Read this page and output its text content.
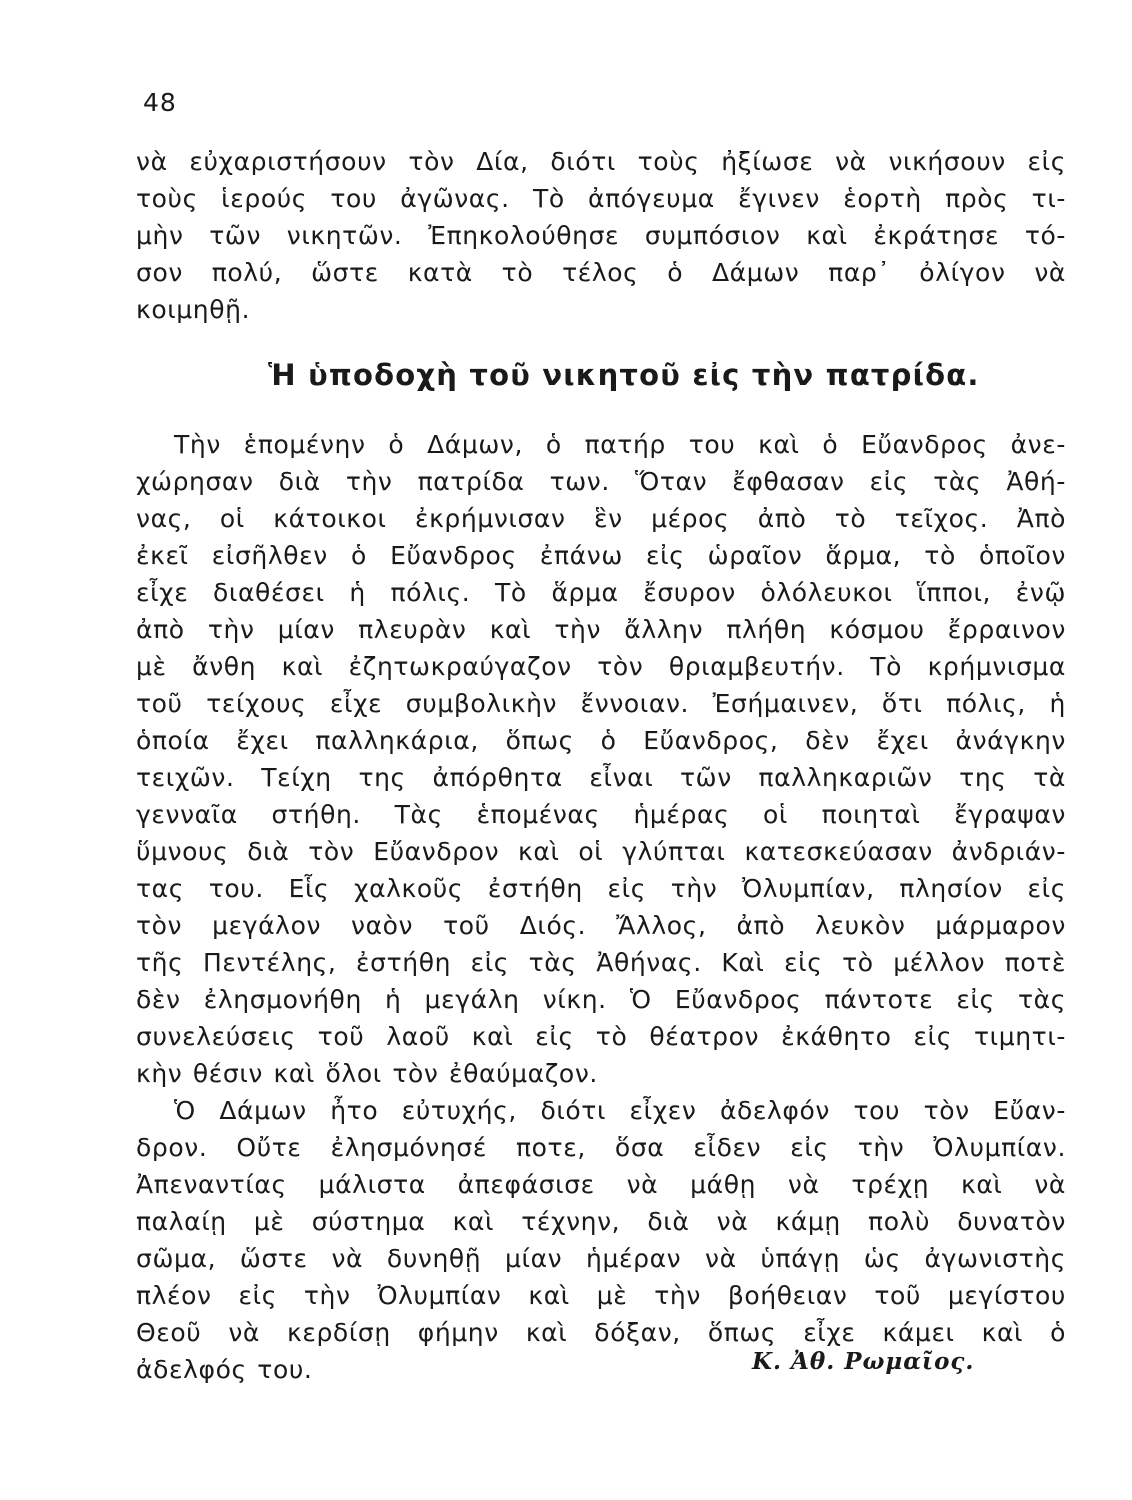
48
νὰ εὐχαριστήσουν τὸν Δία, διότι τοὺς ἠξίωσε νὰ νικήσουν εἰς
τοὺς ἱερούς του ἀγῶνας. Τὸ ἀπόγευμα ἔγινεν ἑορτὴ πρὸς τι-
μὴν τῶν νικητῶν. Ἐπηκολούθησε συμπόσιον καὶ ἐκράτησε τό-
σον πολύ, ὥστε κατὰ τὸ τέλος ὁ Δάμων παρ᾽ ὀλίγον νὰ
κοιμηθῇ.
Ἡ ὑποδοχὴ τοῦ νικητοῦ εἰς τὴν πατρίδα.
Τὴν ἑπομένην ὁ Δάμων, ὁ πατήρ του καὶ ὁ Εὔανδρος ἀνε-
χώρησαν διὰ τὴν πατρίδα των. Ὅταν ἔφθασαν εἰς τὰς Ἀθή-
νας, οἱ κάτοικοι ἐκρήμνισαν ἓν μέρος ἀπὸ τὸ τεῖχος. Ἀπὸ
ἐκεῖ εἰσῆλθεν ὁ Εὔανδρος ἐπάνω εἰς ὡραῖον ἅρμα, τὸ ὁποῖον
εἶχε διαθέσει ἡ πόλις. Τὸ ἅρμα ἔσυρον ὁλόλευκοι ἵπποι, ἐνῷ
ἀπὸ τὴν μίαν πλευρὰν καὶ τὴν ἄλλην πλήθη κόσμου ἔρραινον
μὲ ἄνθη καὶ ἐζητωκραύγαζον τὸν θριαμβευτήν. Τὸ κρήμνισμα
τοῦ τείχους εἶχε συμβολικὴν ἔννοιαν. Ἐσήμαινεν, ὅτι πόλις, ἡ
ὁποία ἔχει παλληκάρια, ὅπως ὁ Εὔανδρος, δὲν ἔχει ἀνάγκην
τειχῶν. Τείχη της ἀπόρθητα εἶναι τῶν παλληκαριῶν της τὰ
γενναῖα στήθη. Τὰς ἑπομένας ἡμέρας οἱ ποιηταὶ ἔγραψαν
ὕμνους διὰ τὸν Εὔανδρον καὶ οἱ γλύπται κατεσκεύασαν ἀνδριάν-
τας του. Εἷς χαλκοῦς ἐστήθη εἰς τὴν Ὀλυμπίαν, πλησίον εἰς
τὸν μεγάλον ναὸν τοῦ Διός. Ἄλλος, ἀπὸ λευκὸν μάρμαρον
τῆς Πεντέλης, ἐστήθη εἰς τὰς Ἀθήνας. Καὶ εἰς τὸ μέλλον ποτὲ
δὲν ἐλησμονήθη ἡ μεγάλη νίκη. Ὁ Εὔανδρος πάντοτε εἰς τὰς
συνελεύσεις τοῦ λαοῦ καὶ εἰς τὸ θέατρον ἐκάθητο εἰς τιμητι-
κὴν θέσιν καὶ ὅλοι τὸν ἐθαύμαζον.
Ὁ Δάμων ἦτο εὐτυχής, διότι εἶχεν ἀδελφόν του τὸν Εὔαν-
δρον. Οὔτε ἐλησμόνησέ ποτε, ὅσα εἶδεν εἰς τὴν Ὀλυμπίαν.
Ἀπεναντίας μάλιστα ἀπεφάσισε νὰ μάθῃ νὰ τρέχῃ καὶ νὰ
παλαίῃ μὲ σύστημα καὶ τέχνην, διὰ νὰ κάμῃ πολὺ δυνατὸν
σῶμα, ὥστε νὰ δυνηθῇ μίαν ἡμέραν νὰ ὑπάγῃ ὡς ἀγωνιστὴς
πλέον εἰς τὴν Ὀλυμπίαν καὶ μὲ τὴν βοήθειαν τοῦ μεγίστου
Θεοῦ νὰ κερδίσῃ φήμην καὶ δόξαν, ὅπως εἶχε κάμει καὶ ὁ
ἀδελφός του.	Κ. Ἀθ. Ρωμαῖος.
